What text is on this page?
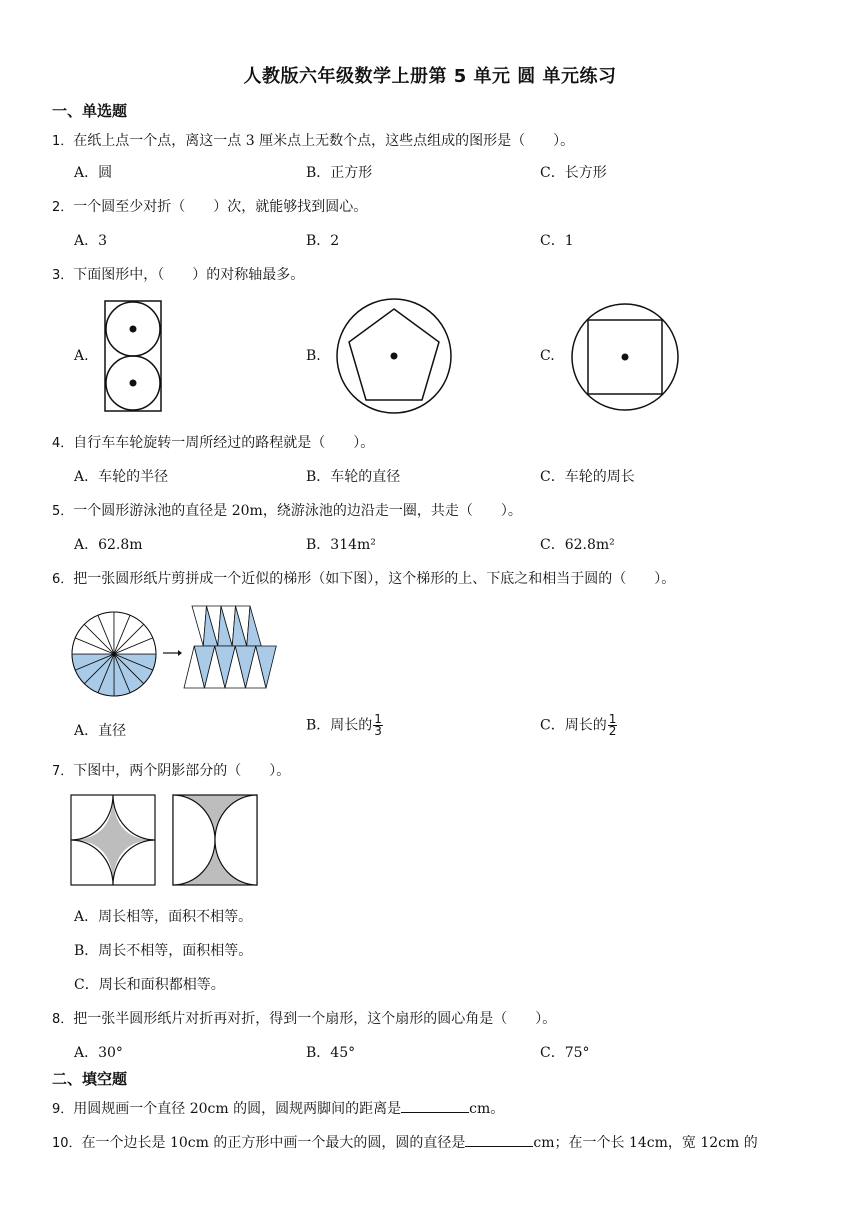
人教版六年级数学上册第 5 单元 圆 单元练习
一、单选题
1．在纸上点一个点，离这一点 3 厘米点上无数个点，这些点组成的图形是（　　）。
A．圆	B．正方形	C．长方形
2．一个圆至少对折（　　）次，就能够找到圆心。
A．3	B．2	C．1
3．下面图形中，（　　）的对称轴最多。
A.	B.	C.
4．自行车车轮旋转一周所经过的路程就是（　　）。
A．车轮的半径	B．车轮的直径	C．车轮的周长
5．一个圆形游泳池的直径是 20m，绕游泳池的边沿走一圈，共走（　　）。
A．62.8m	B．314m²	C．62.8m²
6．把一张圆形纸片剪拼成一个近似的梯形（如下图），这个梯形的上、下底之和相当于圆的（　　）。
A．直径	B．周长的 $\frac{1}{3}$	C．周长的 $\frac{1}{2}$
7．下图中，两个阴影部分的（　　）。
A．周长相等，面积不相等。
B．周长不相等，面积相等。
C．周长和面积都相等。
8．把一张半圆形纸片对折再对折，得到一个扇形，这个扇形的圆心角是（　　）。
A．30°	B．45°	C．75°
二、填空题
9．用圆规画一个直径 20cm 的圆，圆规两脚间的距离是	cm。
10．在一个边长是 10cm 的正方形中画一个最大的圆，圆的直径是	cm；在一个长 14cm，宽 12cm 的
